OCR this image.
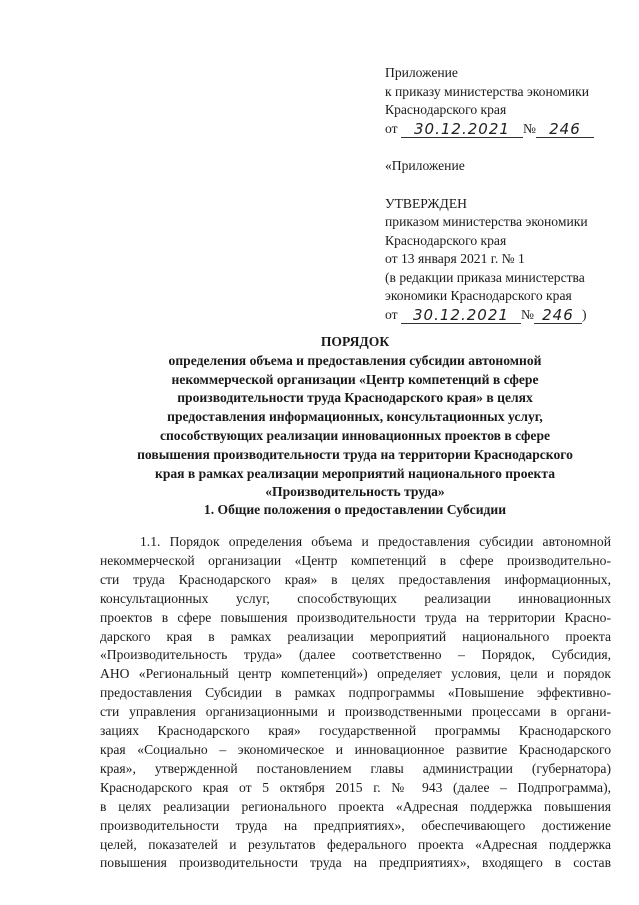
Приложение
к приказу министерства экономики
Краснодарского края
от 30.12.2021 № 246
«Приложение
УТВЕРЖДЕН
приказом министерства экономики
Краснодарского края
от 13 января 2021 г. № 1
(в редакции приказа министерства
экономики Краснодарского края
от 30.12.2021 № 246 )
ПОРЯДОК
определения объема и предоставления субсидии автономной
некоммерческой организации «Центр компетенций в сфере
производительности труда Краснодарского края» в целях
предоставления информационных, консультационных услуг,
способствующих реализации инновационных проектов в сфере
повышения производительности труда на территории Краснодарского
края в рамках реализации мероприятий национального проекта
«Производительность труда»
1. Общие положения о предоставлении Субсидии
1.1. Порядок определения объема и предоставления субсидии автономной
некоммерческой организации «Центр компетенций в сфере производительно-
сти труда Краснодарского края» в целях предоставления информационных,
консультационных услуг, способствующих реализации инновационных
проектов в сфере повышения производительности труда на территории Красно-
дарского края в рамках реализации мероприятий национального проекта
«Производительность труда» (далее соответственно – Порядок, Субсидия,
АНО «Региональный центр компетенций») определяет условия, цели и порядок
предоставления Субсидии в рамках подпрограммы «Повышение эффективно-
сти управления организационными и производственными процессами в органи-
зациях Краснодарского края» государственной программы Краснодарского
края «Социально – экономическое и инновационное развитие Краснодарского
края», утвержденной постановлением главы администрации (губернатора)
Краснодарского края от 5 октября 2015 г. № 943 (далее – Подпрограмма),
в целях реализации регионального проекта «Адресная поддержка повышения
производительности труда на предприятиях», обеспечивающего достижение
целей, показателей и результатов федерального проекта «Адресная поддержка
повышения производительности труда на предприятиях», входящего в состав
